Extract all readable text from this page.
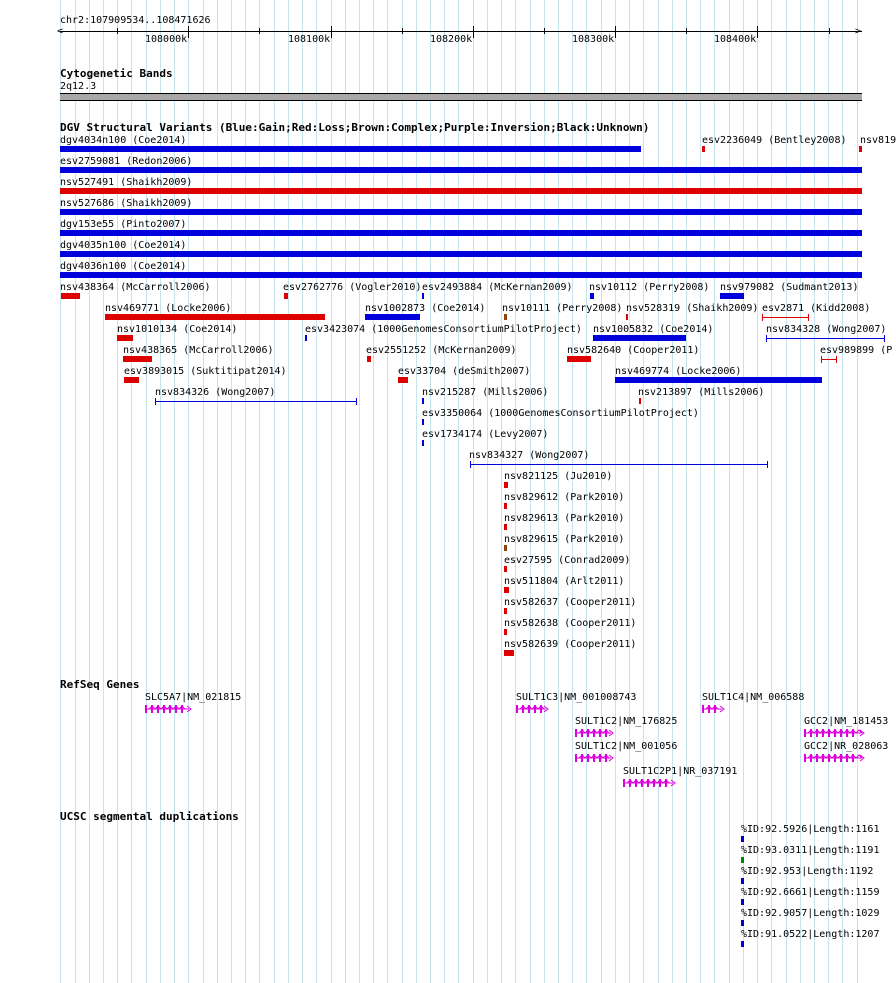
chr2:107909534..108471626
<	>
108000k	108100k	108200k	108300k	108400k
Cytogenetic Bands
2q12.3
DGV Structural Variants (Blue:Gain;Red:Loss;Brown:Complex;Purple:Inversion;Black:Unknown)
dgv4034n100 (Coe2014)	esv2236049 (Bentley2008) nsv819
esv2759081 (Redon2006)
nsv527491 (Shaikh2009)
nsv527686 (Shaikh2009)
dgv153e55 (Pinto2007)
dgv4035n100 (Coe2014)
dgv4036n100 (Coe2014)
nsv438364 (McCarroll2006)	esv2762776 (Vogler2010) esv2493884 (McKernan2009) nsv10112 (Perry2008) nsv979082 (Sudmant2013)
nsv469771 (Locke2006)	nsv1002873 (Coe2014) nsv10111 (Perry2008) nsv528319 (Shaikh2009) esv2871 (Kidd2008)
nsv1010134 (Coe2014)	esv3423074 (1000GenomesConsortiumPilotProject) nsv1005832 (Coe2014)	nsv834328 (Wong2007)
nsv438365 (McCarroll2006)	esv2551252 (McKernan2009)	nsv582640 (Cooper2011)	esv989899 (P
esv3893015 (Suktitipat2014)	esv33704 (deSmith2007)	nsv469774 (Locke2006)
nsv834326 (Wong2007)	nsv215287 (Mills2006)	nsv213897 (Mills2006)
esv3350064 (1000GenomesConsortiumPilotProject)
esv1734174 (Levy2007)
nsv834327 (Wong2007)
nsv821125 (Ju2010)
nsv829612 (Park2010)
nsv829613 (Park2010)
nsv829615 (Park2010)
esv27595 (Conrad2009)
nsv511804 (Arlt2011)
nsv582637 (Cooper2011)
nsv582638 (Cooper2011)
nsv582639 (Cooper2011)
RefSeq Genes
SLC5A7|NM_021815	SULT1C3|NM_001008743	SULT1C4|NM_006588
SULT1C2|NM_176825	GCC2|NM_181453
SULT1C2|NM_001056	GCC2|NR_028063
SULT1C2P1|NR_037191
UCSC segmental duplications
%ID:92.5926|Length:1161
%ID:93.0311|Length:1191
%ID:92.953|Length:1192
%ID:92.6661|Length:1159
%ID:92.9057|Length:1029
%ID:91.0522|Length:1207
